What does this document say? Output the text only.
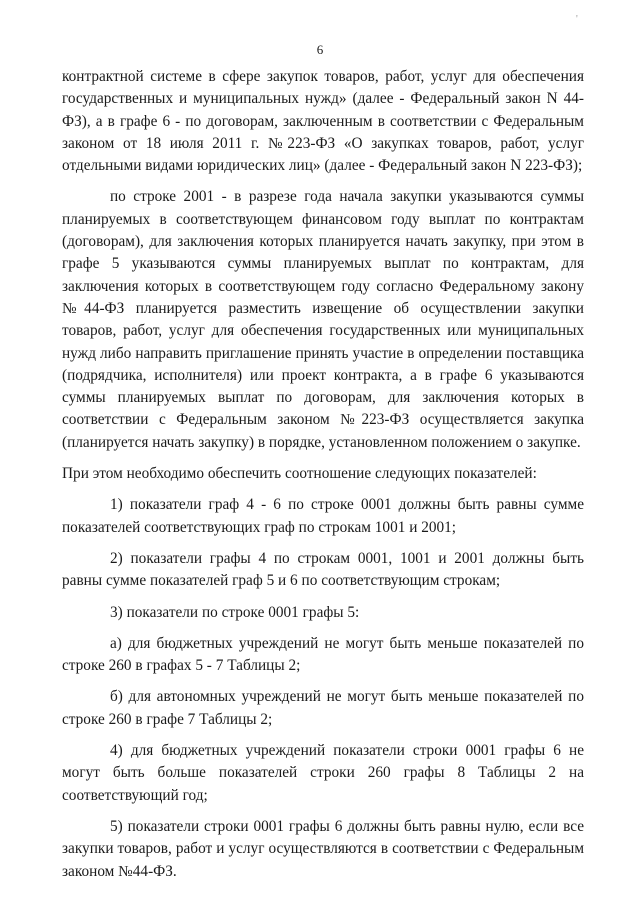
6

контрактной системе в сфере закупок товаров, работ, услуг для обеспечения государственных и муниципальных нужд» (далее - Федеральный закон N 44-ФЗ), а в графе 6 - по договорам, заключенным в соответствии с Федеральным законом от 18 июля 2011 г. №223-ФЗ «О закупках товаров, работ, услуг отдельными видами юридических лиц» (далее - Федеральный закон N 223-ФЗ);

по строке 2001 - в разрезе года начала закупки указываются суммы планируемых в соответствующем финансовом году выплат по контрактам (договорам), для заключения которых планируется начать закупку, при этом в графе 5 указываются суммы планируемых выплат по контрактам, для заключения которых в соответствующем году согласно Федеральному закону №44-ФЗ планируется разместить извещение об осуществлении закупки товаров, работ, услуг для обеспечения государственных или муниципальных нужд либо направить приглашение принять участие в определении поставщика (подрядчика, исполнителя) или проект контракта, а в графе 6 указываются суммы планируемых выплат по договорам, для заключения которых в соответствии с Федеральным законом №223-ФЗ осуществляется закупка (планируется начать закупку) в порядке, установленном положением о закупке.

При этом необходимо обеспечить соотношение следующих показателей:

1) показатели граф 4 - 6 по строке 0001 должны быть равны сумме показателей соответствующих граф по строкам 1001 и 2001;

2) показатели графы 4 по строкам 0001, 1001 и 2001 должны быть равны сумме показателей граф 5 и 6 по соответствующим строкам;

3) показатели по строке 0001 графы 5:

а) для бюджетных учреждений не могут быть меньше показателей по строке 260 в графах 5 - 7 Таблицы 2;

б) для автономных учреждений не могут быть меньше показателей по строке 260 в графе 7 Таблицы 2;

4) для бюджетных учреждений показатели строки 0001 графы 6 не могут быть больше показателей строки 260 графы 8 Таблицы 2 на соответствующий год;

5) показатели строки 0001 графы 6 должны быть равны нулю, если все закупки товаров, работ и услуг осуществляются в соответствии с Федеральным законом №44-ФЗ.

'
